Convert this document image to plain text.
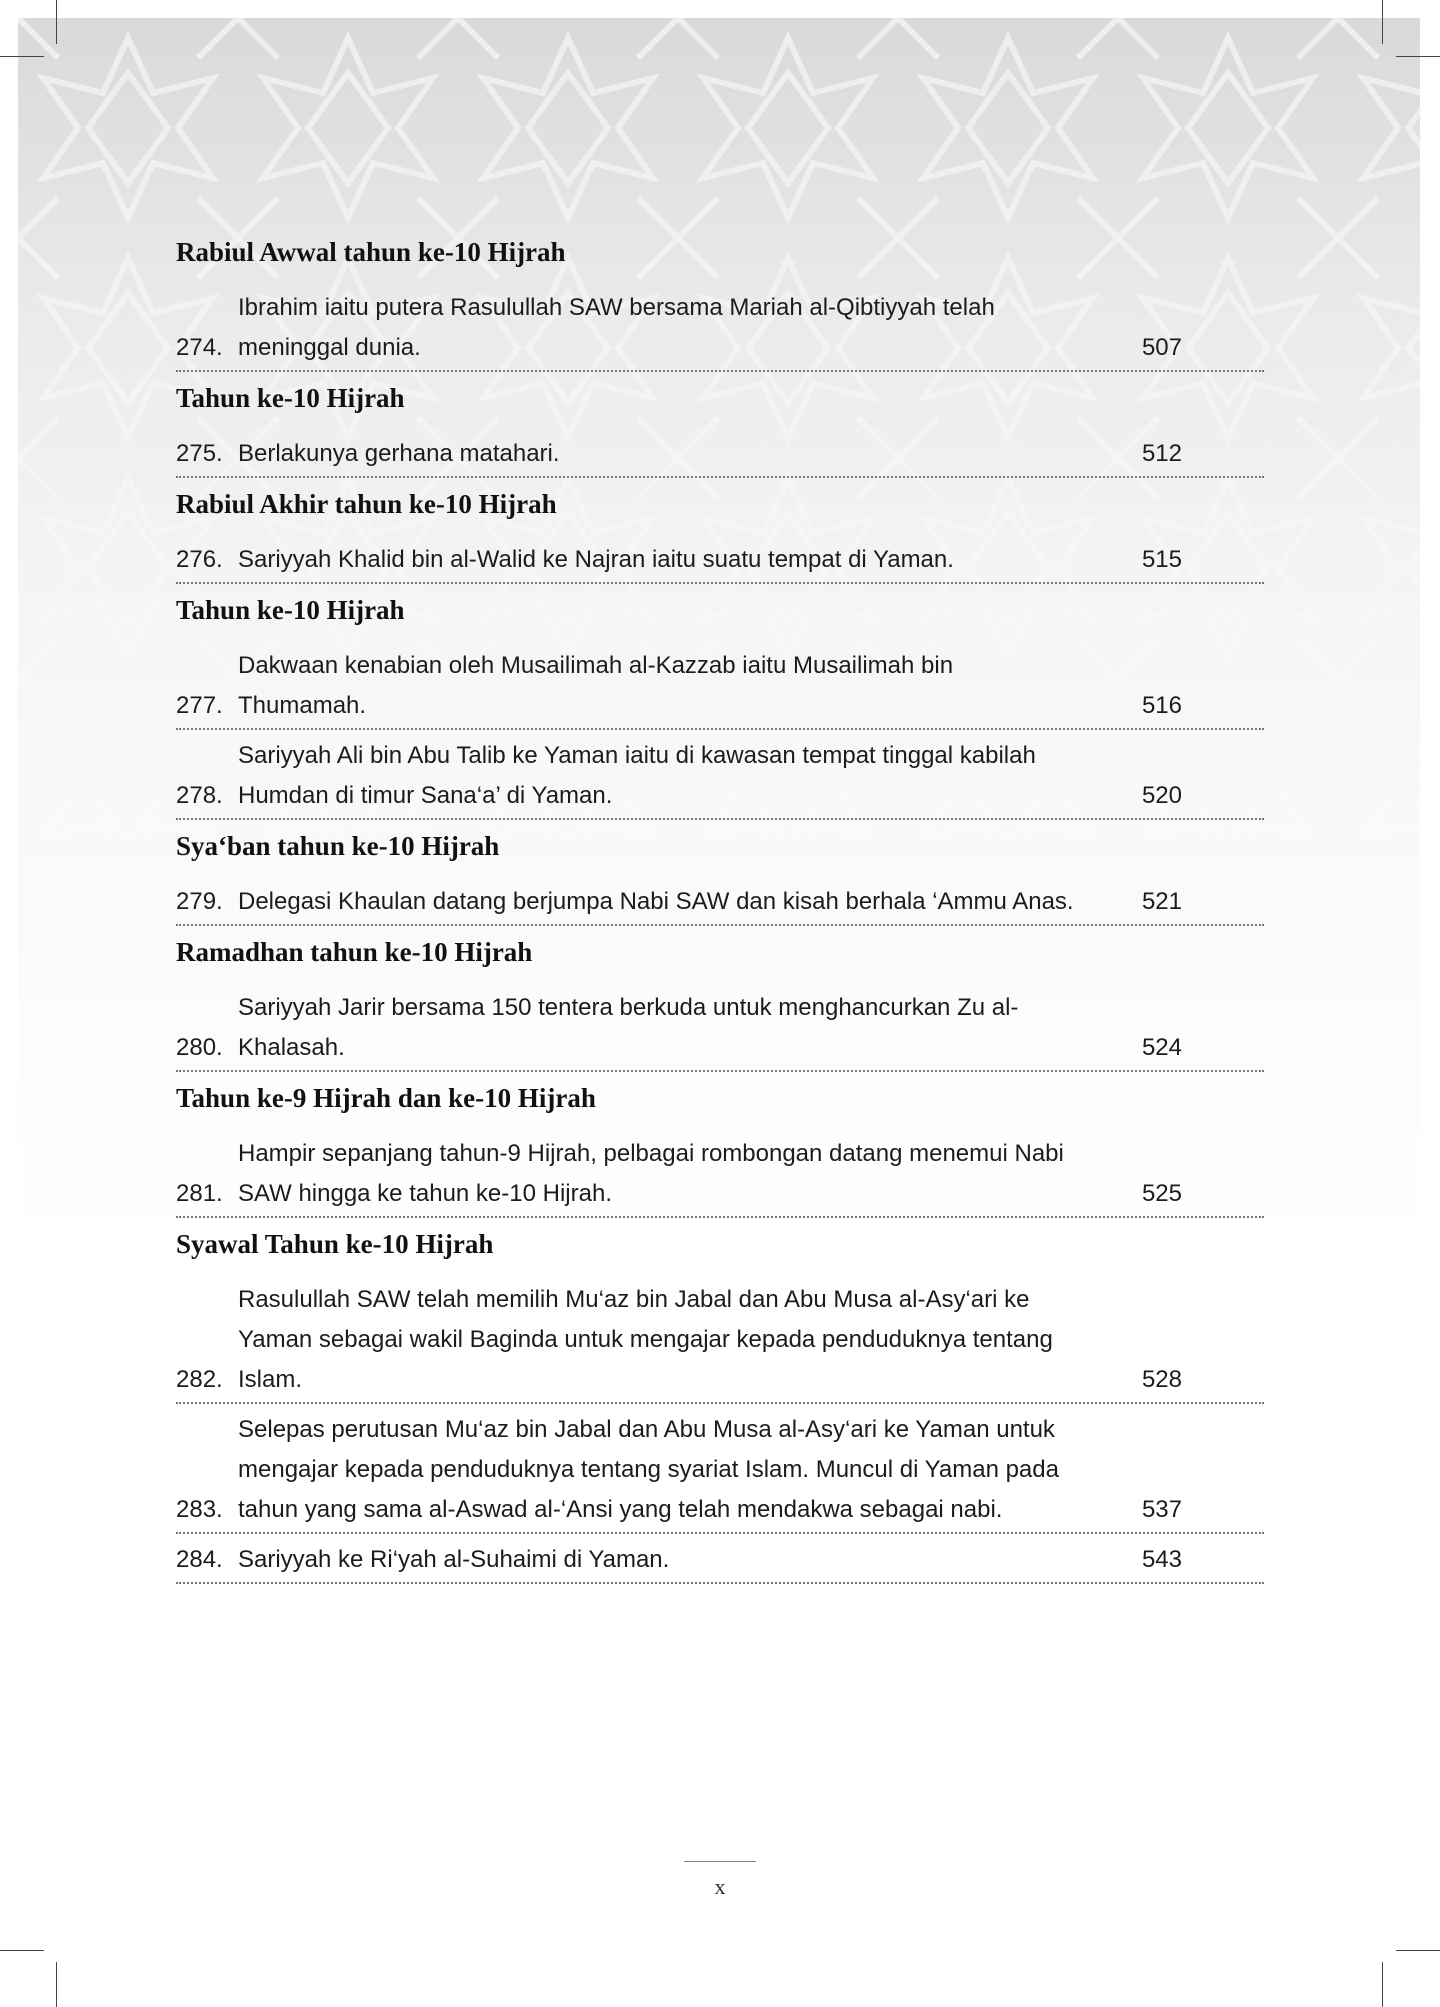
Rabiul Awwal tahun ke-10 Hijrah
274.
Ibrahim iaitu putera Rasulullah SAW bersama Mariah al-Qibtiyyah telah meninggal dunia.	507
Tahun ke-10 Hijrah
275. Berlakunya gerhana matahari.	512
Rabiul Akhir tahun ke-10 Hijrah
276. Sariyyah Khalid bin al-Walid ke Najran iaitu suatu tempat di Yaman.	515
Tahun ke-10 Hijrah
277.
Dakwaan kenabian oleh Musailimah al-Kazzab iaitu Musailimah bin Thumamah.	516
278.
Sariyyah Ali bin Abu Talib ke Yaman iaitu di kawasan tempat tinggal kabilah Humdan di timur Sana‘a’ di Yaman.	520
Sya‘ban tahun ke-10 Hijrah
279. Delegasi Khaulan datang berjumpa Nabi SAW dan kisah berhala ‘Ammu Anas.	521
Ramadhan tahun ke-10 Hijrah
280.
Sariyyah Jarir bersama 150 tentera berkuda untuk menghancurkan Zu al-Khalasah.	524
Tahun ke-9 Hijrah dan ke-10 Hijrah
281.
Hampir sepanjang tahun-9 Hijrah, pelbagai rombongan datang menemui Nabi SAW hingga ke tahun ke-10 Hijrah.	525
Syawal Tahun ke-10 Hijrah
282.
Rasulullah SAW telah memilih Mu‘az bin Jabal dan Abu Musa al-Asy‘ari ke Yaman sebagai wakil Baginda untuk mengajar kepada penduduknya tentang Islam.	528
283.
Selepas perutusan Mu‘az bin Jabal dan Abu Musa al-Asy‘ari ke Yaman untuk mengajar kepada penduduknya tentang syariat Islam. Muncul di Yaman pada tahun yang sama al-Aswad al-‘Ansi yang telah mendakwa sebagai nabi.	537
284. Sariyyah ke Ri‘yah al-Suhaimi di Yaman.	543
x
